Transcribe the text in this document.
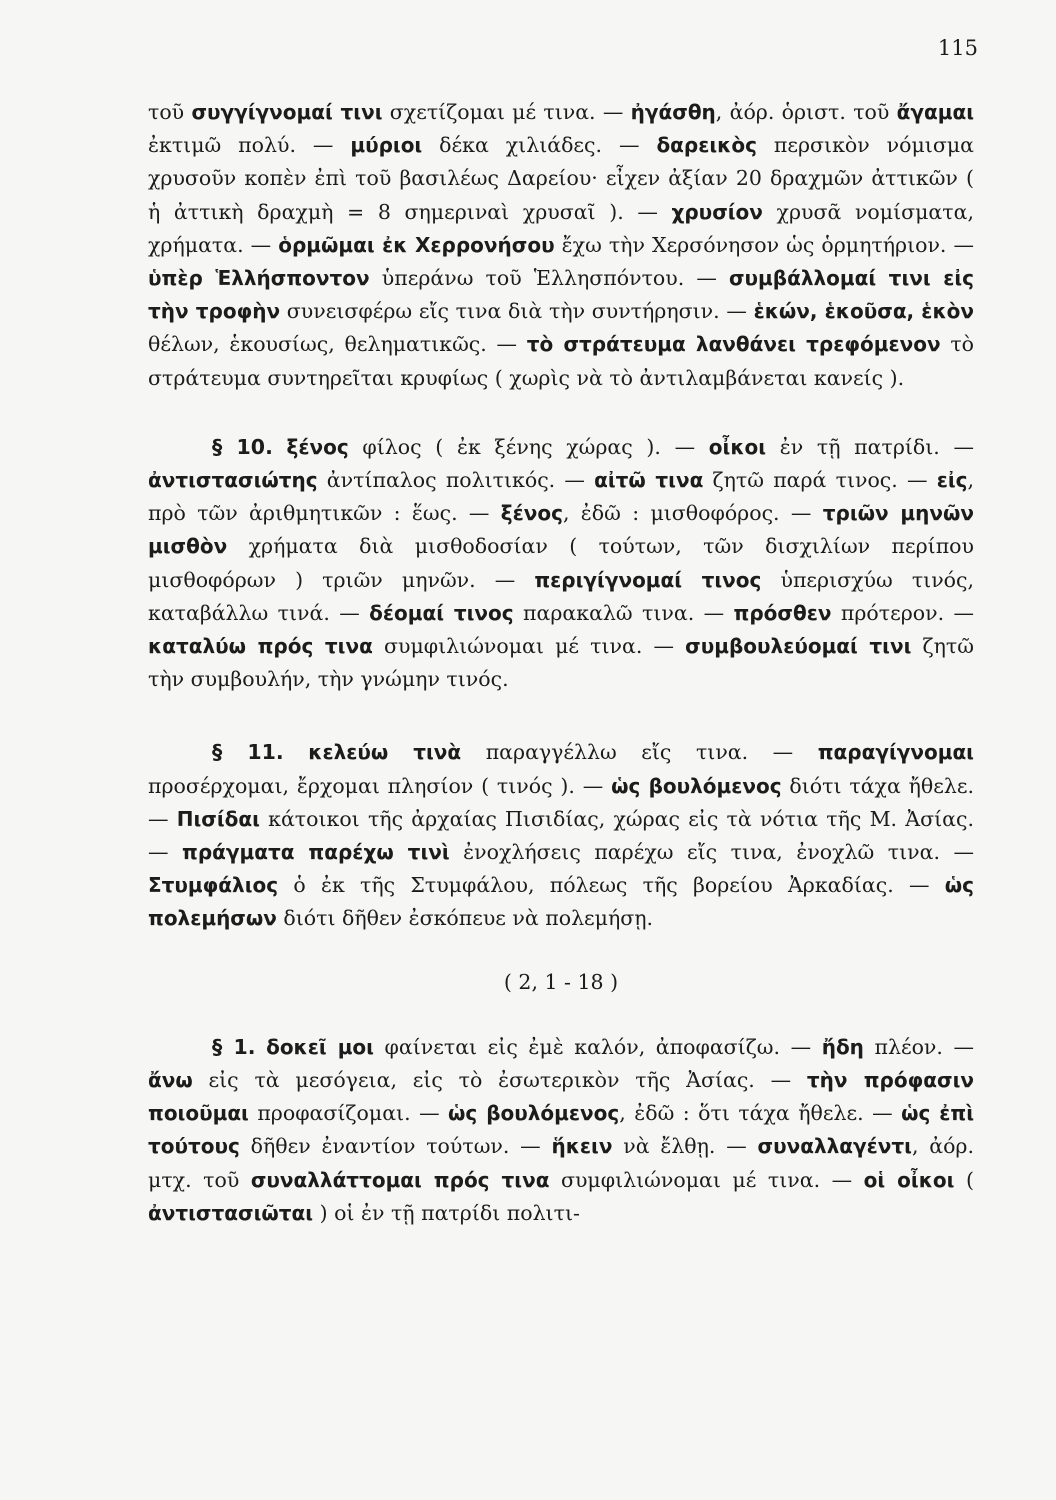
115

τοῦ συγγίγνομαί τινι σχετίζομαι μέ τινα. — ἠγάσθη, ἀόρ. ὁριστ. τοῦ ἄγαμαι ἐκτιμῶ πολύ. — μύριοι δέκα χιλιάδες. — δαρεικὸς περσικὸν νόμισμα χρυσοῦν κοπὲν ἐπὶ τοῦ βασιλέως Δαρείου· εἶχεν ἀξίαν 20 δραχμῶν ἀττικῶν ( ἡ ἀττικὴ δραχμὴ = 8 σημεριναὶ χρυσαῖ ). — χρυσίον χρυσᾶ νομίσματα, χρήματα. — ὁρμῶμαι ἐκ Χερρονήσου ἔχω τὴν Χερσόνησον ὡς ὁρμητήριον. — ὑπὲρ Ἑλλήσποντον ὑπεράνω τοῦ Ἑλλησπόντου. — συμβάλλομαί τινι εἰς τὴν τροφὴν συνεισφέρω εἴς τινα διὰ τὴν συντήρησιν. — ἑκών, ἑκοῦσα, ἑκὸν θέλων, ἑκουσίως, θεληματικῶς. — τὸ στράτευμα λανθάνει τρεφόμενον τὸ στράτευμα συντηρεῖται κρυφίως ( χωρὶς νὰ τὸ ἀντιλαμβάνεται κανείς ).

§ 10. ξένος φίλος ( ἐκ ξένης χώρας ). — οἶκοι ἐν τῇ πατρίδι. — ἀντιστασιώτης ἀντίπαλος πολιτικός. — αἰτῶ τινα ζητῶ παρά τινος. — εἰς, πρὸ τῶν ἀριθμητικῶν : ἕως. — ξένος, ἐδῶ : μισθοφόρος. — τριῶν μηνῶν μισθὸν χρήματα διὰ μισθοδοσίαν ( τούτων, τῶν δισχιλίων περίπου μισθοφόρων ) τριῶν μηνῶν. — περιγίγνομαί τινος ὑπερισχύω τινός, καταβάλλω τινά. — δέομαί τινος παρακαλῶ τινα. — πρόσθεν πρότερον. — καταλύω πρός τινα συμφιλιώνομαι μέ τινα. — συμβουλεύομαί τινι ζητῶ τὴν συμβουλήν, τὴν γνώμην τινός.

§ 11. κελεύω τινὰ παραγγέλλω εἴς τινα. — παραγίγνομαι προσέρχομαι, ἔρχομαι πλησίον ( τινός ). — ὡς βουλόμενος διότι τάχα ἤθελε. — Πισίδαι κάτοικοι τῆς ἀρχαίας Πισιδίας, χώρας εἰς τὰ νότια τῆς Μ. Ἀσίας. — πράγματα παρέχω τινὶ ἐνοχλήσεις παρέχω εἴς τινα, ἐνοχλῶ τινα. — Στυμφάλιος ὁ ἐκ τῆς Στυμφάλου, πόλεως τῆς βορείου Ἀρκαδίας. — ὡς πολεμήσων διότι δῆθεν ἐσκόπευε νὰ πολεμήσῃ.

( 2, 1 - 18 )

§ 1. δοκεῖ μοι φαίνεται εἰς ἐμὲ καλόν, ἀποφασίζω. — ἤδη πλέον. — ἄνω εἰς τὰ μεσόγεια, εἰς τὸ ἐσωτερικὸν τῆς Ἀσίας. — τὴν πρόφασιν ποιοῦμαι προφασίζομαι. — ὡς βουλόμενος, ἐδῶ : ὅτι τάχα ἤθελε. — ὡς ἐπὶ τούτους δῆθεν ἐναντίον τούτων. — ἥκειν νὰ ἔλθῃ. — συναλλαγέντι, ἀόρ. μτχ. τοῦ συναλλάττομαι πρός τινα συμφιλιώνομαι μέ τινα. — οἱ οἶκοι ( ἀντιστασιῶται ) οἱ ἐν τῇ πατρίδι πολιτι-
